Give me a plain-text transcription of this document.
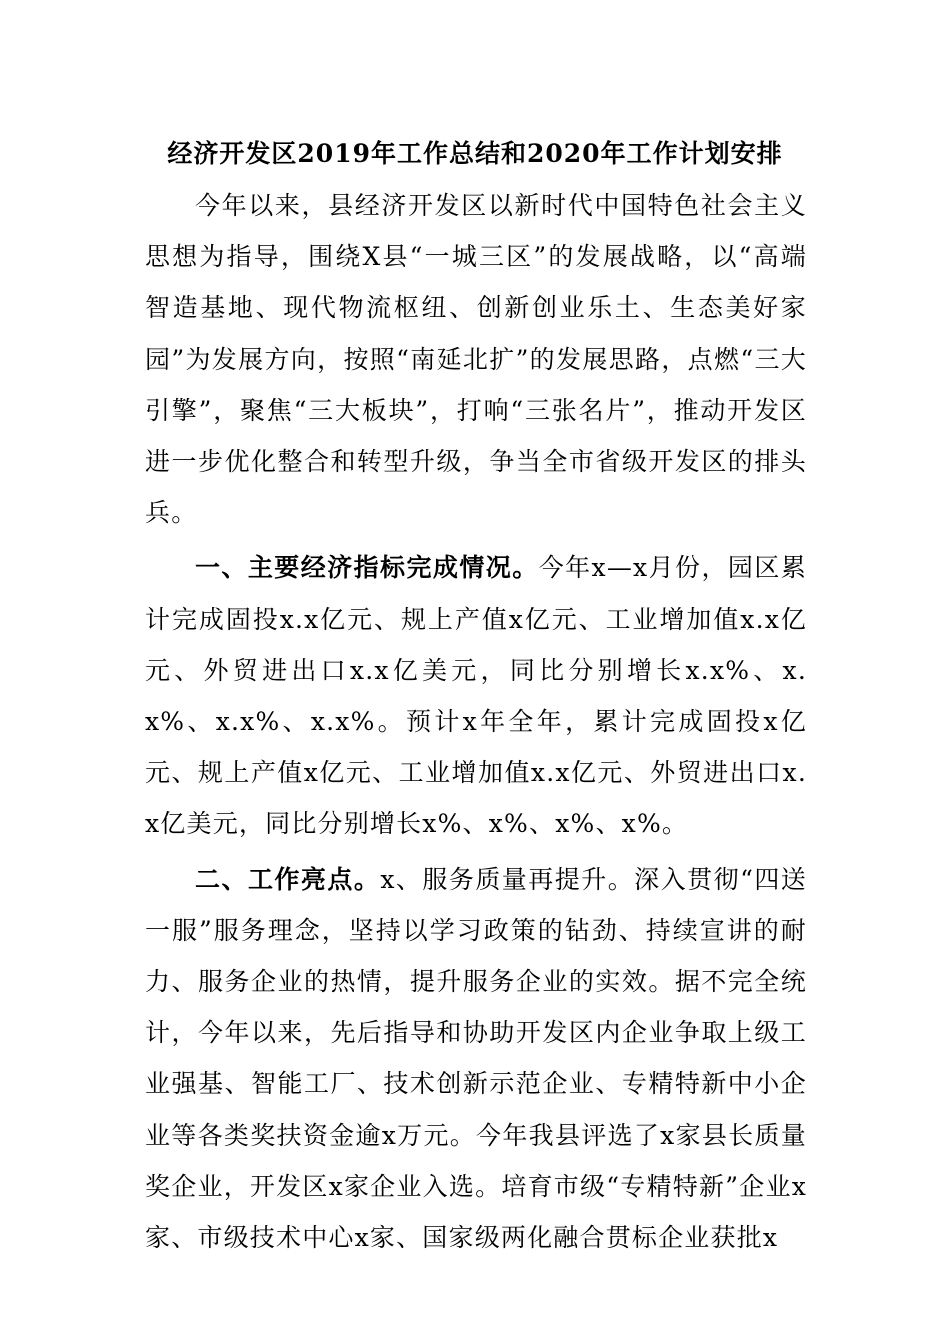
经济开发区2019年工作总结和2020年工作计划安排

今年以来，县经济开发区以新时代中国特色社会主义思想为指导，围绕X县“一城三区”的发展战略，以“高端智造基地、现代物流枢纽、创新创业乐土、生态美好家园”为发展方向，按照“南延北扩”的发展思路，点燃“三大引擎”，聚焦“三大板块”，打响“三张名片”，推动开发区进一步优化整合和转型升级，争当全市省级开发区的排头兵。

一、主要经济指标完成情况。今年x—x月份，园区累计完成固投x.x亿元、规上产值x亿元、工业增加值x.x亿元、外贸进出口x.x亿美元，同比分别增长x.x%、x.x%、x.x%、x.x%。预计x年全年，累计完成固投x亿元、规上产值x亿元、工业增加值x.x亿元、外贸进出口x.x亿美元，同比分别增长x%、x%、x%、x%。

二、工作亮点。x、服务质量再提升。深入贯彻“四送一服”服务理念，坚持以学习政策的钻劲、持续宣讲的耐力、服务企业的热情，提升服务企业的实效。据不完全统计，今年以来，先后指导和协助开发区内企业争取上级工业强基、智能工厂、技术创新示范企业、专精特新中小企业等各类奖扶资金逾x万元。今年我县评选了x家县长质量奖企业，开发区x家企业入选。培育市级“专精特新”企业x家、市级技术中心x家、国家级两化融合贯标企业获批x
